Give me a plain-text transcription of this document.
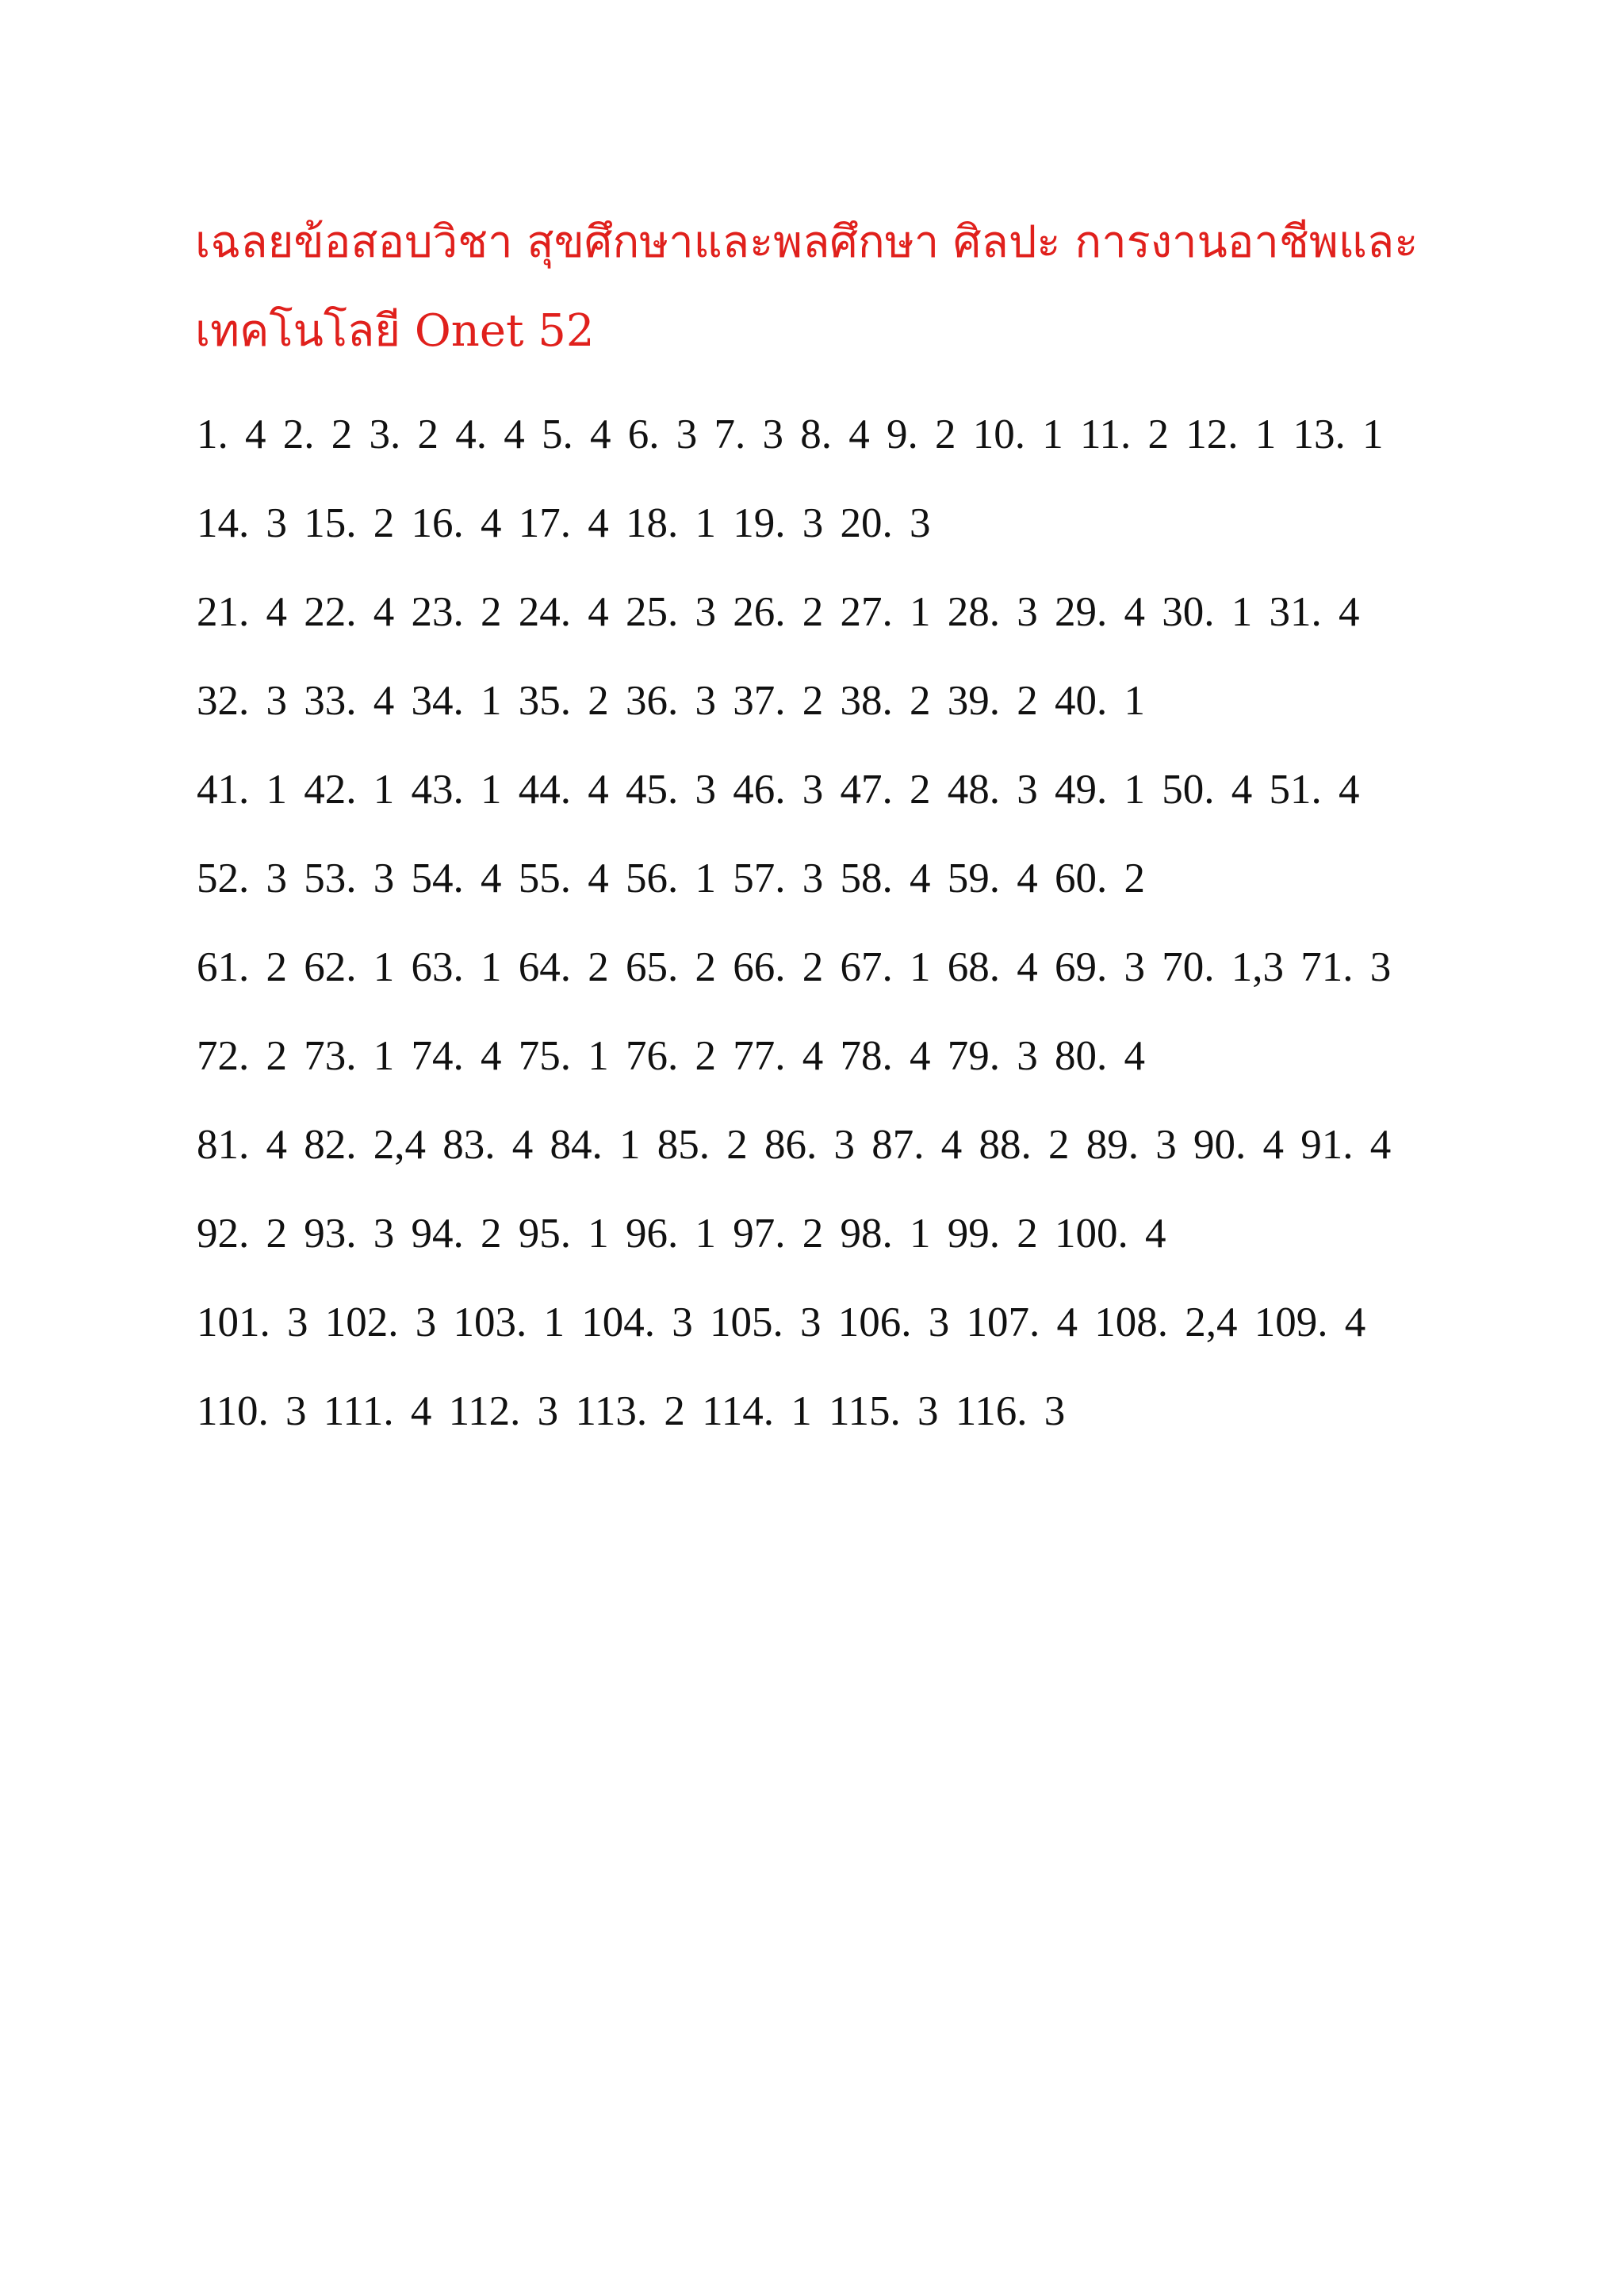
เฉลยข้อสอบวิชา สุขศึกษาและพลศึกษา ศิลปะ การงานอาชีพและ
เทคโนโลยี Onet 52
1. 4 2. 2 3. 2 4. 4 5. 4 6. 3 7. 3 8. 4 9. 2 10. 1 11. 2 12. 1 13. 1
14. 3 15. 2 16. 4 17. 4 18. 1 19. 3 20. 3
21. 4 22. 4 23. 2 24. 4 25. 3 26. 2 27. 1 28. 3 29. 4 30. 1 31. 4
32. 3 33. 4 34. 1 35. 2 36. 3 37. 2 38. 2 39. 2 40. 1
41. 1 42. 1 43. 1 44. 4 45. 3 46. 3 47. 2 48. 3 49. 1 50. 4 51. 4
52. 3 53. 3 54. 4 55. 4 56. 1 57. 3 58. 4 59. 4 60. 2
61. 2 62. 1 63. 1 64. 2 65. 2 66. 2 67. 1 68. 4 69. 3 70. 1,3 71. 3
72. 2 73. 1 74. 4 75. 1 76. 2 77. 4 78. 4 79. 3 80. 4
81. 4 82. 2,4 83. 4 84. 1 85. 2 86. 3 87. 4 88. 2 89. 3 90. 4 91. 4
92. 2 93. 3 94. 2 95. 1 96. 1 97. 2 98. 1 99. 2 100. 4
101. 3 102. 3 103. 1 104. 3 105. 3 106. 3 107. 4 108. 2,4 109. 4
110. 3 111. 4 112. 3 113. 2 114. 1 115. 3 116. 3
